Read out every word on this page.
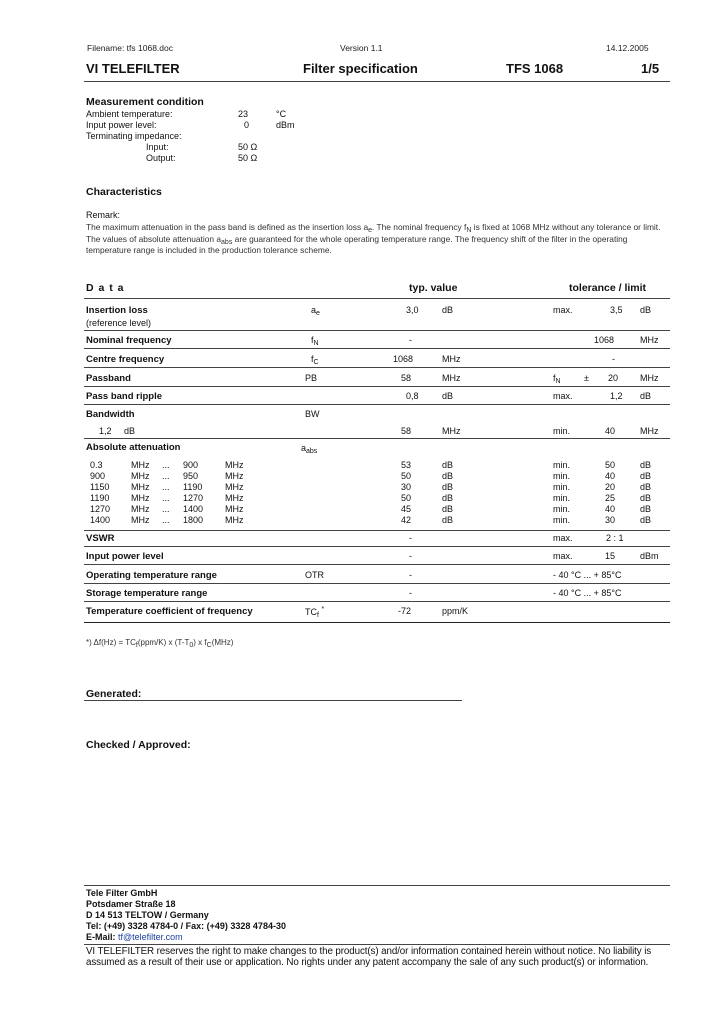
Filename: tfs 1068.doc	Version 1.1	14.12.2005
VI TELEFILTER	Filter specification	TFS 1068	1/5
Measurement condition
Ambient temperature:	23	°C
Input power level:	0	dBm
Terminating impedance:
Input:	50 Ω
Output:	50 Ω
Characteristics
Remark:
The maximum attenuation in the pass band is defined as the insertion loss $a_e$. The nominal frequency $f_N$ is fixed at 1068 MHz without any tolerance or limit.
The values of absolute attenuation $a_{abs}$ are guaranteed for the whole operating temperature range. The frequency shift of the filter in the operating
temperature range is included in the production tolerance scheme.
D a t a	typ. value	tolerance / limit
Insertion loss
(reference level)
$a_e$	3,0	dB	max.	3,5 dB
Nominal frequency	$f_N$	-	1068	MHz
Centre frequency	$f_C$	1068	MHz	-
Passband	PB	58	MHz	$f_N$	± 20 MHz
Pass band ripple	0,8	dB	max.	1,2 dB
Bandwidth	BW
1,2 dB	58	MHz	min.	40	MHz
Absolute attenuation	$a_{abs}$
0.3	MHz ... 900	MHz	53	dB	min.	50	dB
900	MHz ... 950	MHz	50	dB	min.	40	dB
1150 MHz ... 1190	MHz	30	dB	min.	20	dB
1190 MHz ... 1270 MHz	50	dB	min.	25	dB
1270 MHz ... 1400 MHz	45	dB	min.	40	dB
1400 MHz ... 1800 MHz	42	dB	min.	30	dB
VSWR	-	max.	2 : 1
Input power level	-	max.	15	dBm
Operating temperature range	OTR	-	- 40 °C ... + 85°C
Storage temperature range	-	- 40 °C ... + 85°C
Temperature coefficient of frequency	$TC_f$ *	-72	ppm/K
*) Δf(Hz) = TCf(ppm/K) x (T-T0) x fC(MHz)
Generated:
Checked / Approved:
Tele Filter GmbH
Potsdamer Straße 18
D 14 513 TELTOW / Germany
Tel: (+49) 3328 4784-0 / Fax: (+49) 3328 4784-30
E-Mail: tf@telefilter.com
VI TELEFILTER reserves the right to make changes to the product(s) and/or information contained herein without notice. No liability is
assumed as a result of their use or application. No rights under any patent accompany the sale of any such product(s) or information.
